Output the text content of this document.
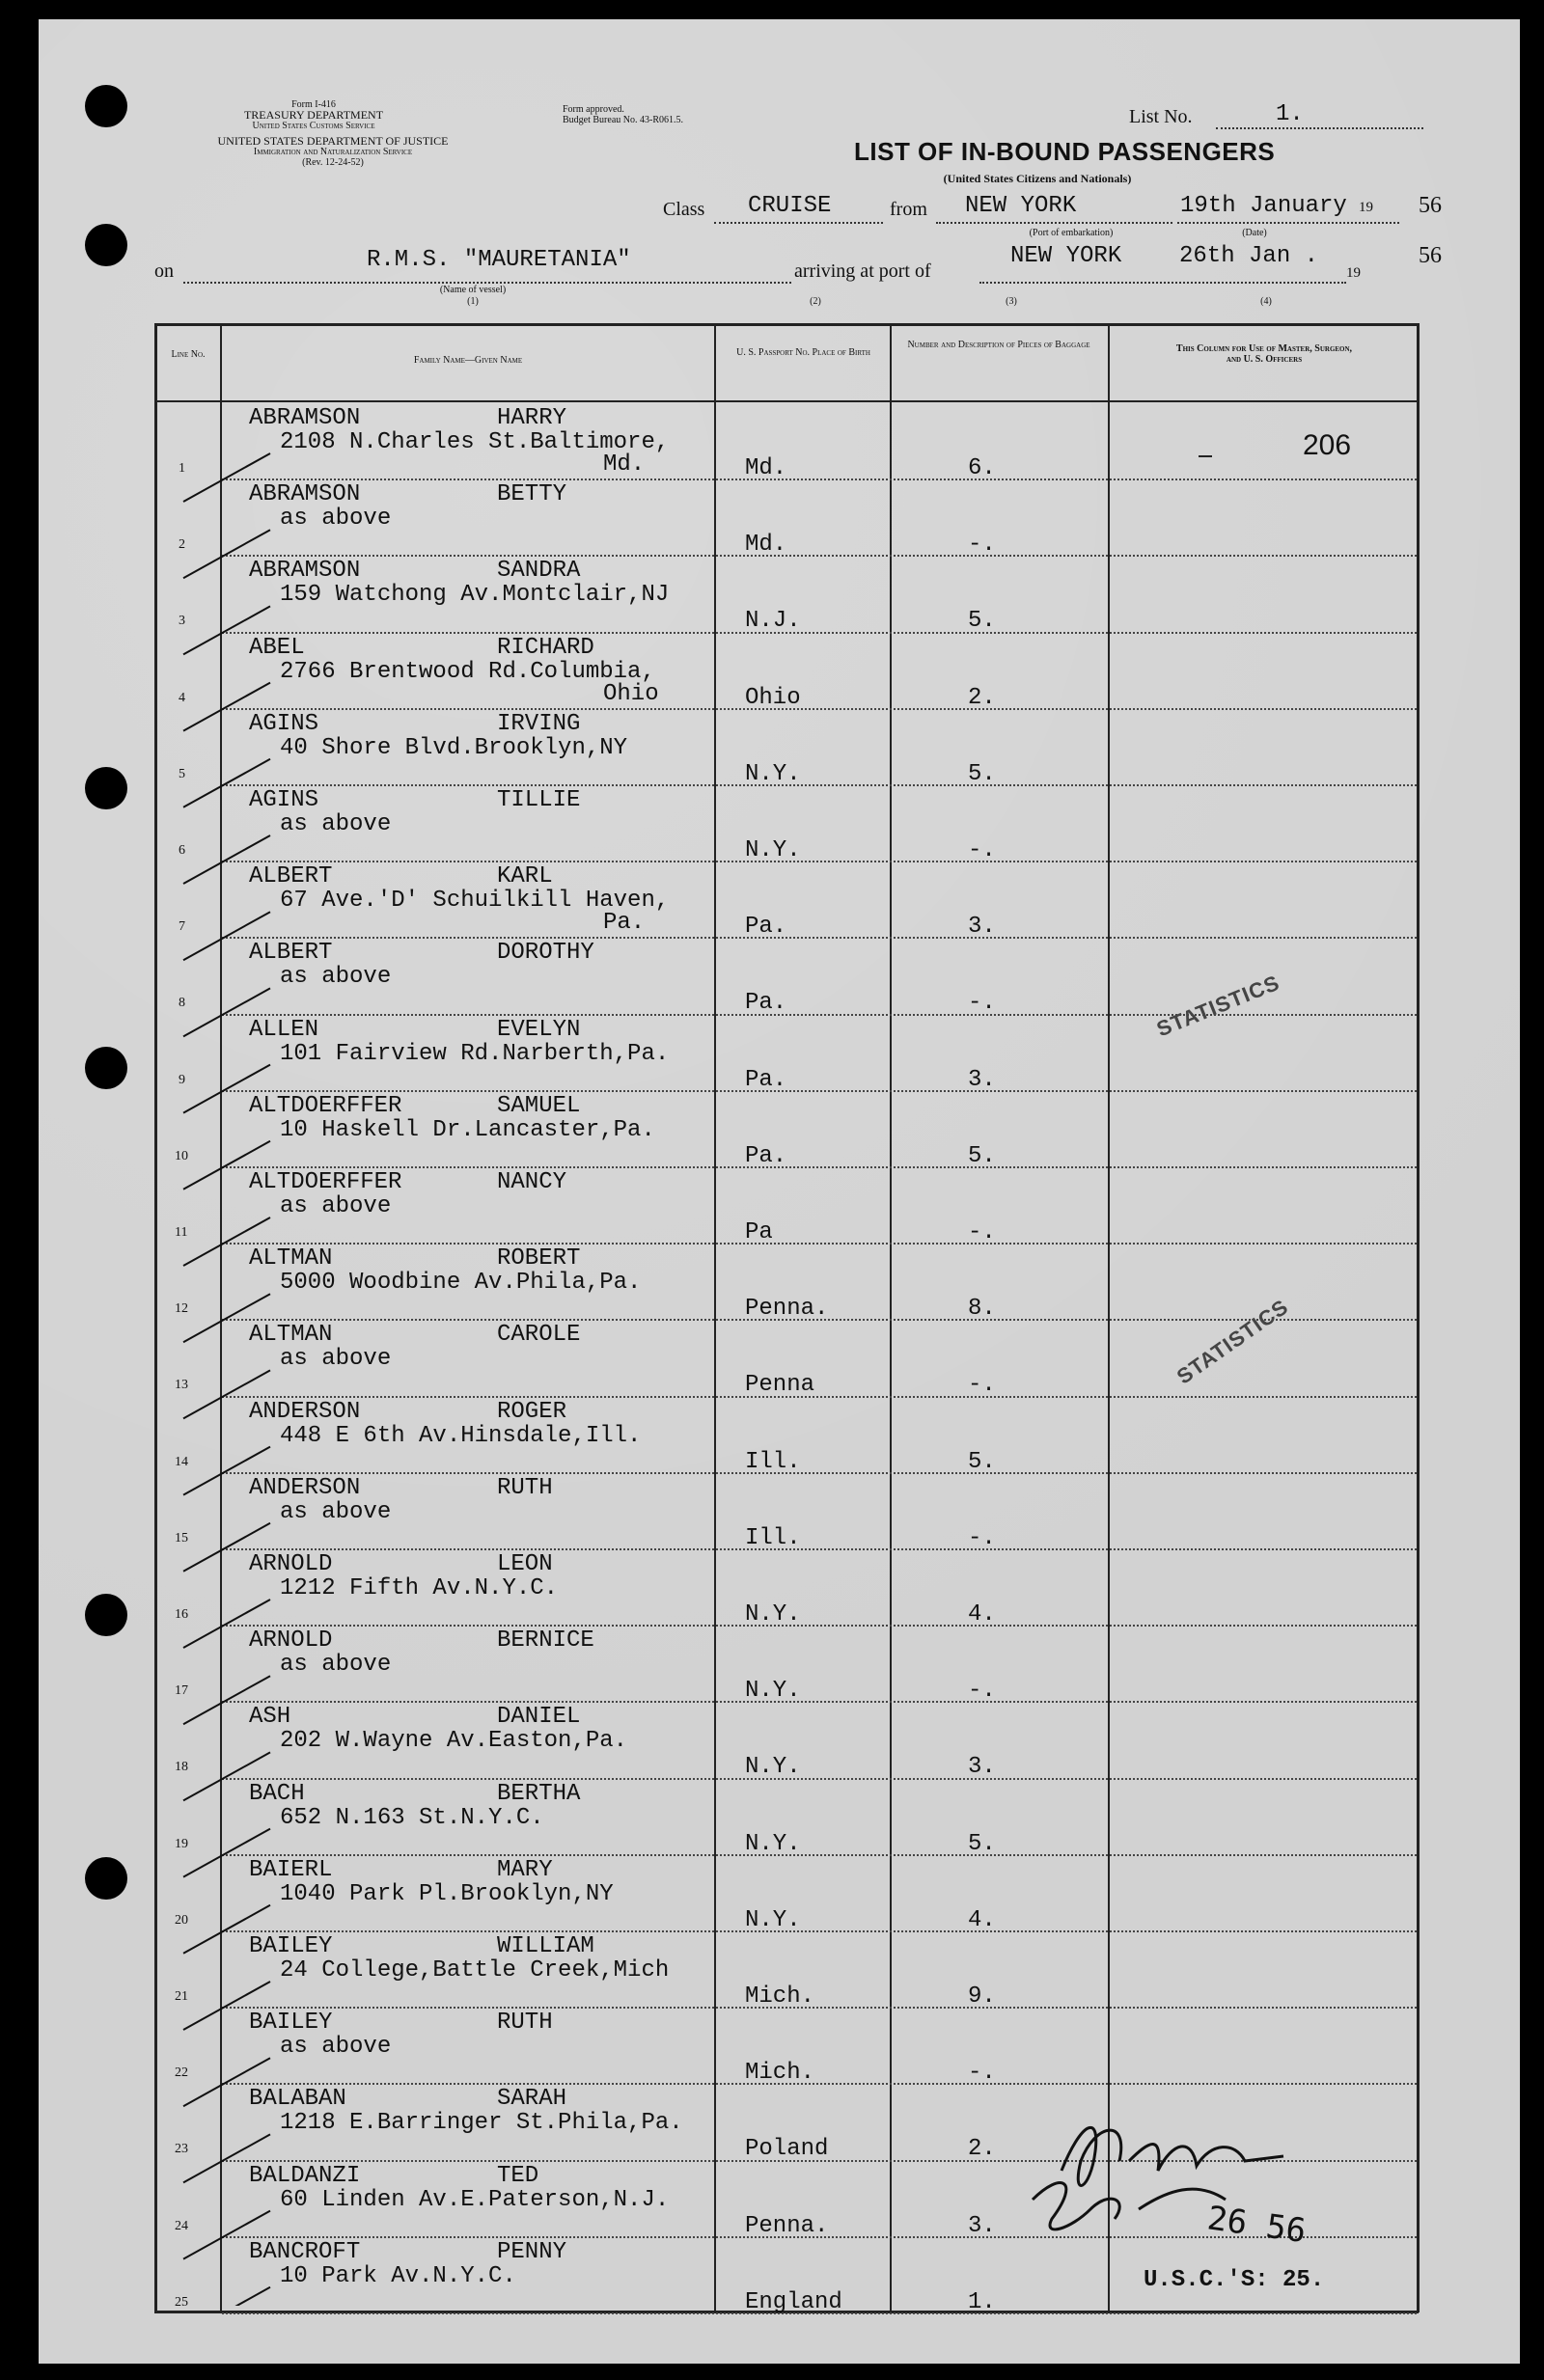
Form I-416
TREASURY DEPARTMENT
United States Customs Service
UNITED STATES DEPARTMENT OF JUSTICE
Immigration and Naturalization Service
(Rev. 12-24-52)
Form approved.
Budget Bureau No. 43-R061.5.	List No.	1.
LIST OF IN-BOUND PASSENGERS
(United States Citizens and Nationals)
Class CRUISE	from NEW YORK
(Port of embarkation)
19th January 19 56
(Date)
on	R.M.S. "MAURETANIA"
(Name of vessel)
(1)	(2)	(3)	(4)
arriving at port of
NEW YORK 26th Jan .
19
56
Line No.
Family Name—Given Name
U. S. Passport No. Place of Birth
Number and Description of Pieces of Baggage	This Column for Use of Master, Surgeon, and U. S. Officers
1
ABRAMSON	HARRY
2108 N.Charles St.Baltimore,
Md.	Md.	6.
2
ABRAMSON	BETTY
as above
Md.	-.
3
ABRAMSON	SANDRA
159 Watchong Av.Montclair,NJ
N.J.	5.
4
ABEL	RICHARD
2766 Brentwood Rd.Columbia,
Ohio	Ohio	2.
5
AGINS	IRVING
40 Shore Blvd.Brooklyn,NY
N.Y.	5.
6
AGINS	TILLIE
as above
N.Y.	-.
7
ALBERT	KARL
67 Ave.'D' Schuilkill Haven,
Pa.	Pa.	3.
8
ALBERT	DOROTHY
as above
Pa.	-.
9
ALLEN	EVELYN
101 Fairview Rd.Narberth,Pa.
Pa.	3.
10
ALTDOERFFER	SAMUEL
10 Haskell Dr.Lancaster,Pa.
Pa.	5.
11
ALTDOERFFER	NANCY
as above
Pa	-.
12
ALTMAN	ROBERT
5000 Woodbine Av.Phila,Pa.
Penna.	8.
13
ALTMAN	CAROLE
as above
Penna	-.
14
ANDERSON	ROGER
448 E 6th Av.Hinsdale,Ill.
Ill.	5.
15
ANDERSON	RUTH
as above
Ill.	-.
16
ARNOLD	LEON
1212 Fifth Av.N.Y.C.
N.Y.	4.
17
ARNOLD	BERNICE
as above
N.Y.	-.
18
ASH	DANIEL
202 W.Wayne Av.Easton,Pa.
N.Y.	3.
19
BACH	BERTHA
652 N.163 St.N.Y.C.
N.Y.	5.
20
BAIERL	MARY
1040 Park Pl.Brooklyn,NY
N.Y.	4.
21
BAILEY	WILLIAM
24 College,Battle Creek,Mich
Mich.	9.
22
BAILEY	RUTH
as above
Mich.	-.
23
BALABAN	SARAH
1218 E.Barringer St.Phila,Pa.
Poland	2.
24
BALDANZI	TED
60 Linden Av.E.Paterson,N.J.
Penna.	3.
25
BANCROFT	PENNY
10 Park Av.N.Y.C.
England	1.
206
STATISTICS
STATISTICS
U.S.C.'S: 25.
26 56
